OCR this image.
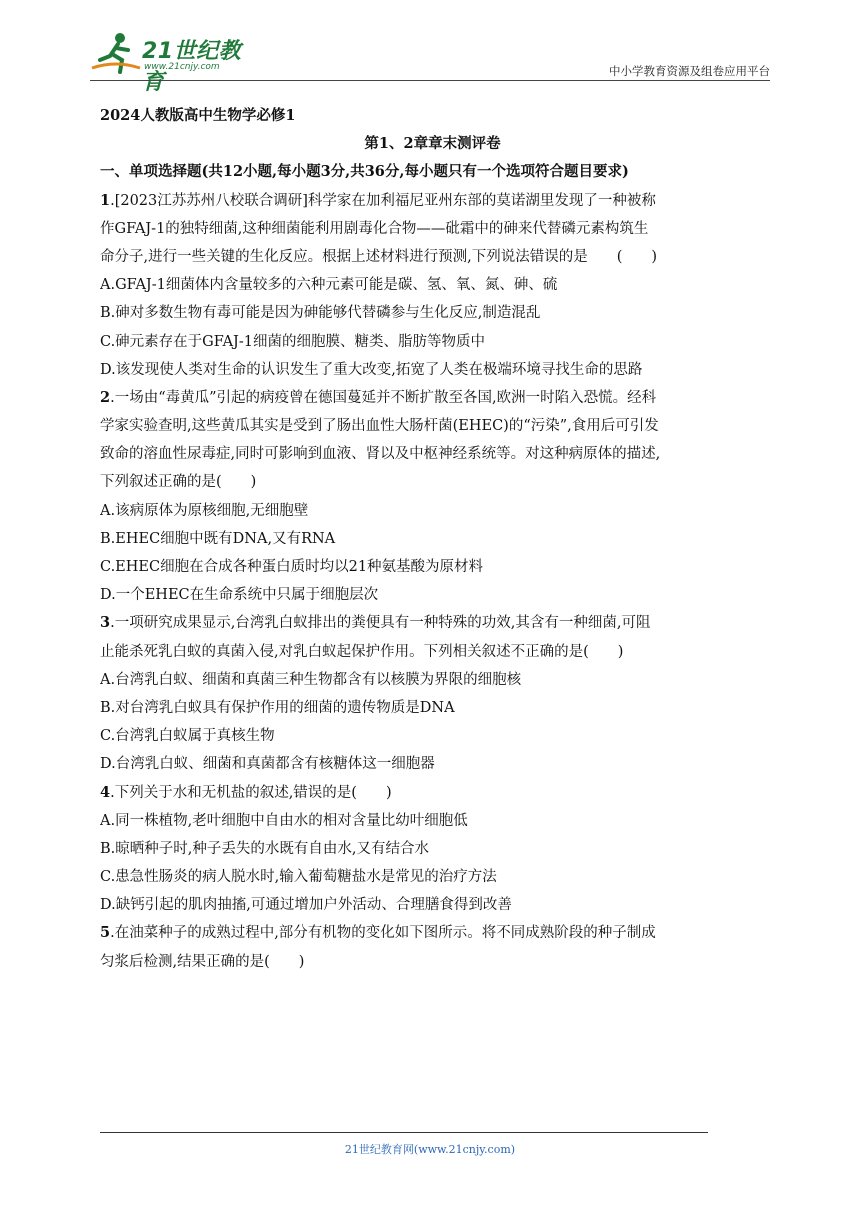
21世纪教育
www.21cnjy.com	中小学教育资源及组卷应用平台
2024人教版高中生物学必修1
第1、2章章末测评卷
一、单项选择题(共12小题,每小题3分,共36分,每小题只有一个选项符合题目要求)
1.[2023江苏苏州八校联合调研]科学家在加利福尼亚州东部的莫诺湖里发现了一种被称
作GFAJ-1的独特细菌,这种细菌能利用剧毒化合物——砒霜中的砷来代替磷元素构筑生
命分子,进行一些关键的生化反应。根据上述材料进行预测,下列说法错误的是　　(　　)
A.GFAJ-1细菌体内含量较多的六种元素可能是碳、氢、氧、氮、砷、硫
B.砷对多数生物有毒可能是因为砷能够代替磷参与生化反应,制造混乱
C.砷元素存在于GFAJ-1细菌的细胞膜、糖类、脂肪等物质中
D.该发现使人类对生命的认识发生了重大改变,拓宽了人类在极端环境寻找生命的思路
2.一场由“毒黄瓜”引起的病疫曾在德国蔓延并不断扩散至各国,欧洲一时陷入恐慌。经科
学家实验查明,这些黄瓜其实是受到了肠出血性大肠杆菌(EHEC)的“污染”,食用后可引发
致命的溶血性尿毒症,同时可影响到血液、肾以及中枢神经系统等。对这种病原体的描述,
下列叙述正确的是(　　)
A.该病原体为原核细胞,无细胞壁
B.EHEC细胞中既有DNA,又有RNA
C.EHEC细胞在合成各种蛋白质时均以21种氨基酸为原材料
D.一个EHEC在生命系统中只属于细胞层次
3.一项研究成果显示,台湾乳白蚁排出的粪便具有一种特殊的功效,其含有一种细菌,可阻
止能杀死乳白蚁的真菌入侵,对乳白蚁起保护作用。下列相关叙述不正确的是(　　)
A.台湾乳白蚁、细菌和真菌三种生物都含有以核膜为界限的细胞核
B.对台湾乳白蚁具有保护作用的细菌的遗传物质是DNA
C.台湾乳白蚁属于真核生物
D.台湾乳白蚁、细菌和真菌都含有核糖体这一细胞器
4.下列关于水和无机盐的叙述,错误的是(　　)
A.同一株植物,老叶细胞中自由水的相对含量比幼叶细胞低
B.晾晒种子时,种子丢失的水既有自由水,又有结合水
C.患急性肠炎的病人脱水时,输入葡萄糖盐水是常见的治疗方法
D.缺钙引起的肌肉抽搐,可通过增加户外活动、合理膳食得到改善
5.在油菜种子的成熟过程中,部分有机物的变化如下图所示。将不同成熟阶段的种子制成
匀浆后检测,结果正确的是(　　)
21世纪教育网(www.21cnjy.com)
